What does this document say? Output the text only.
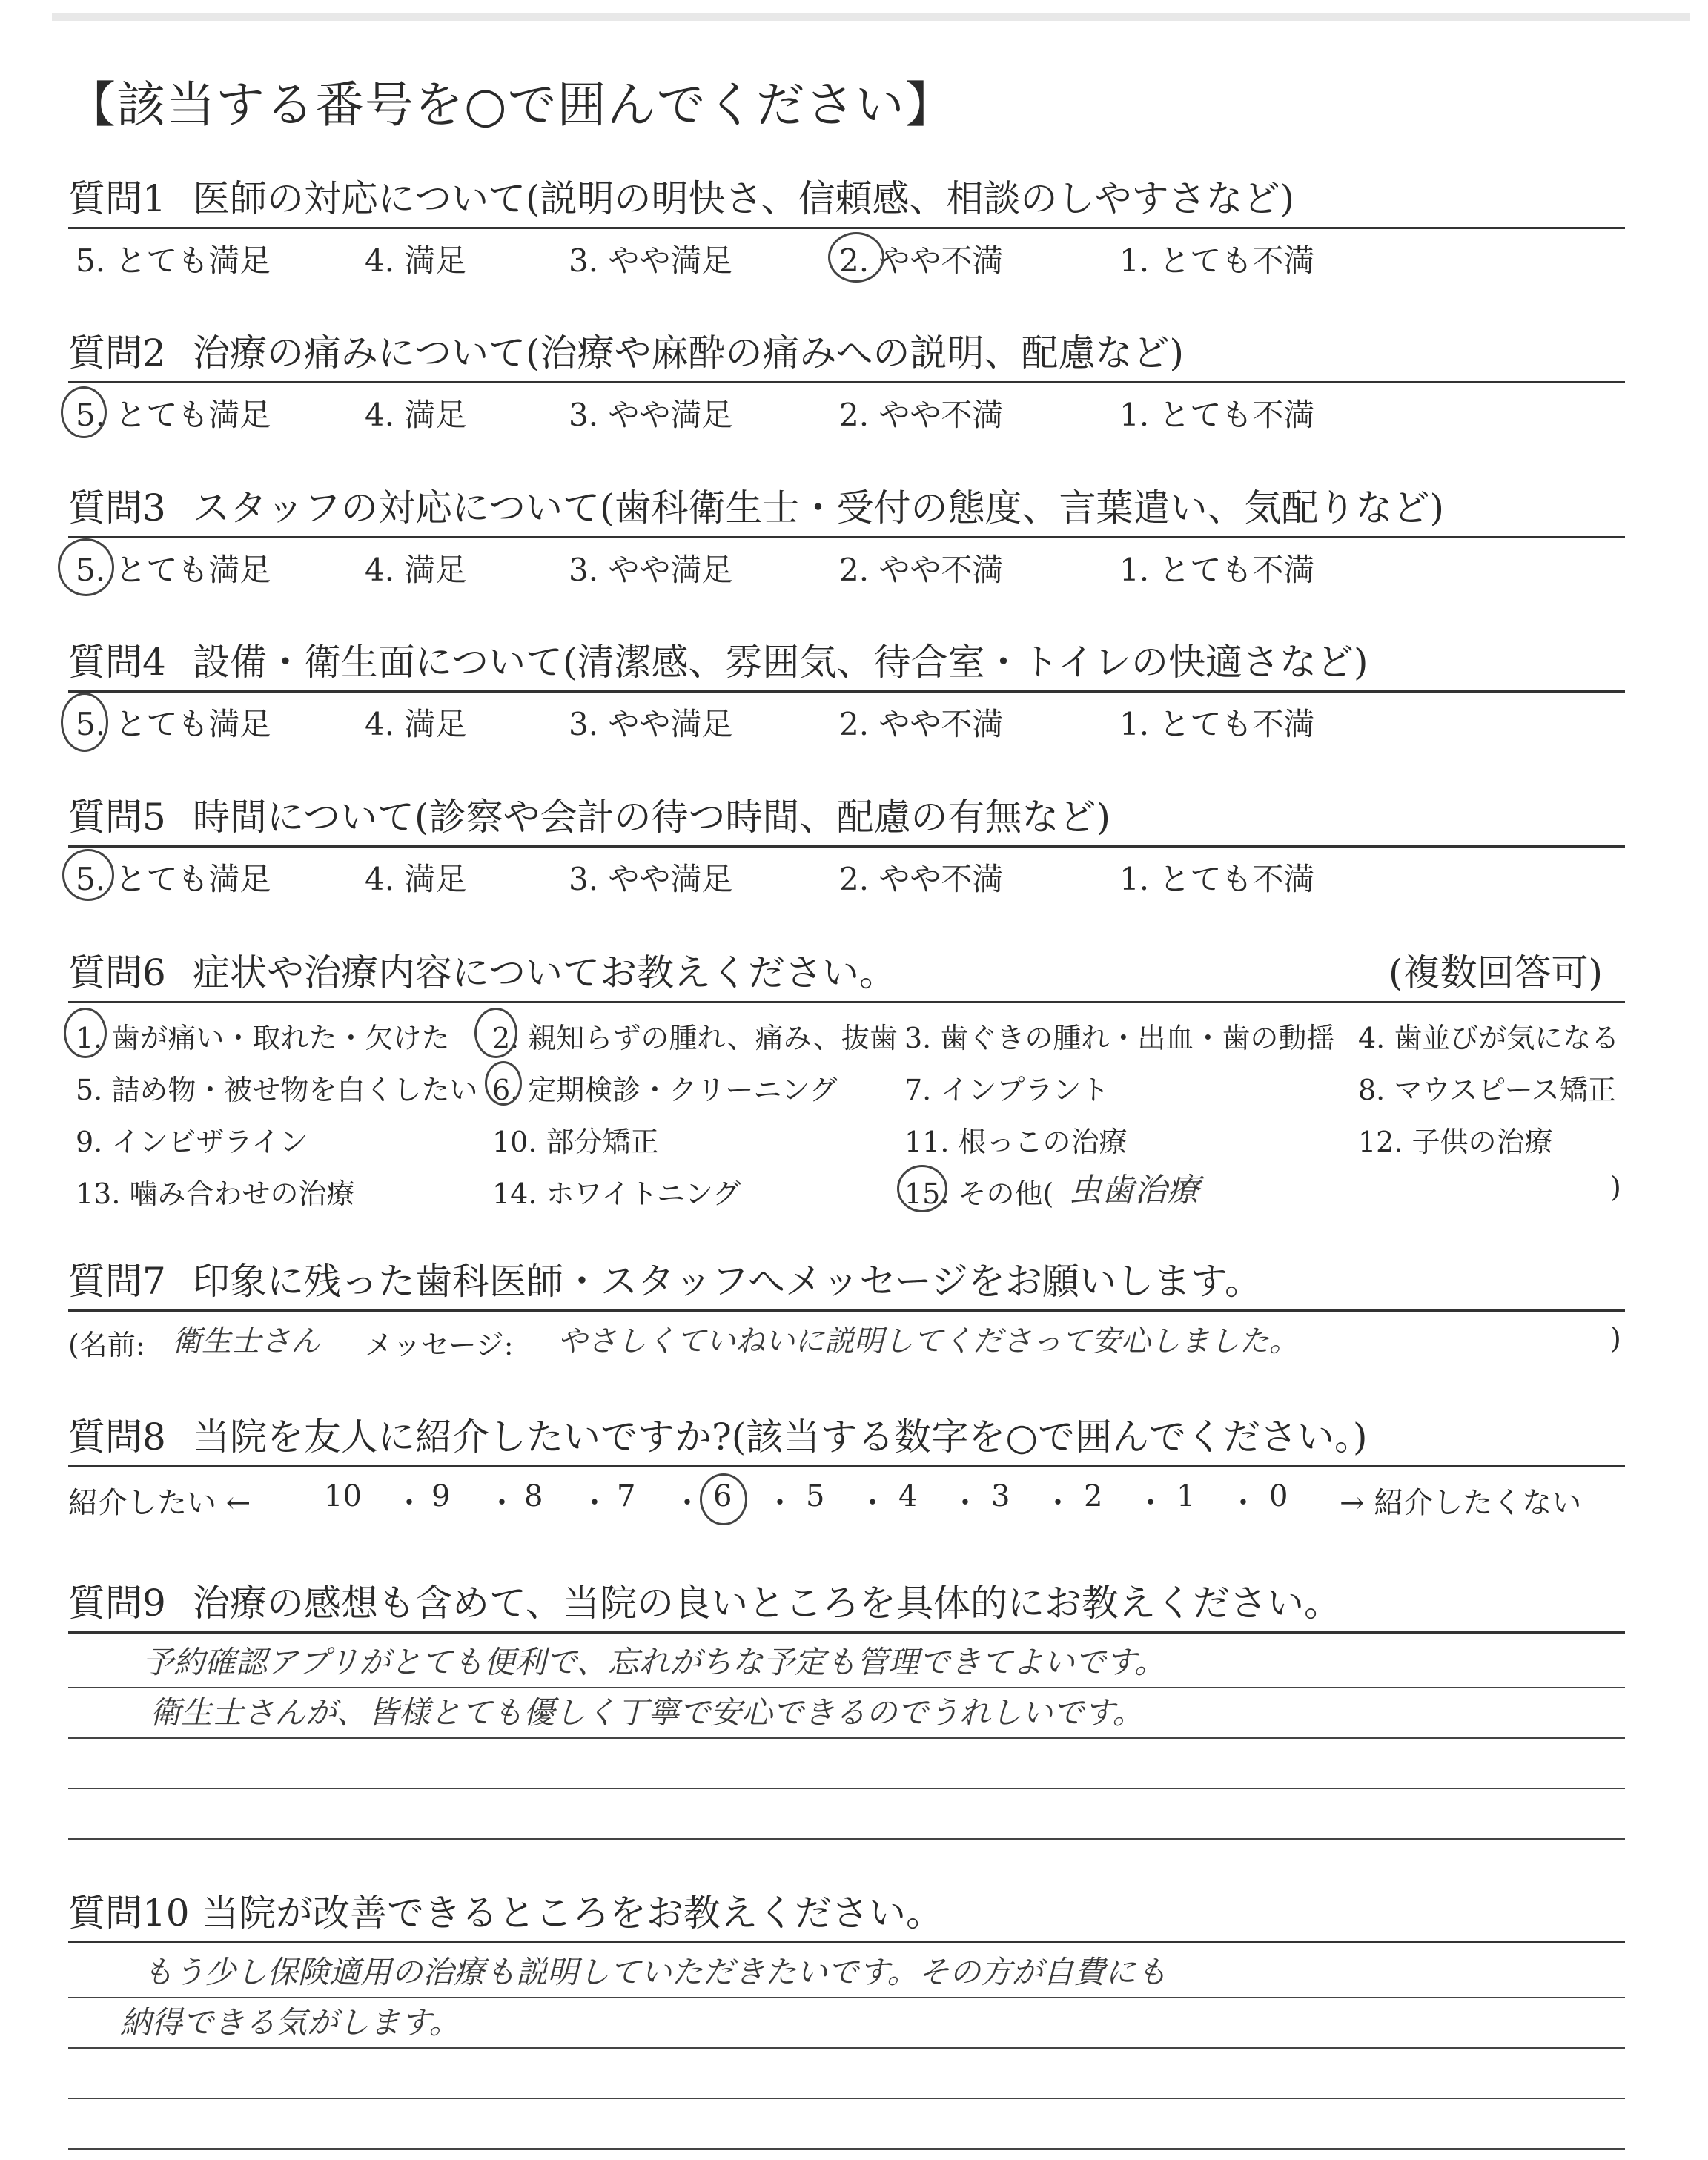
【該当する番号を○で囲んでください】
質問1 医師の対応について(説明の明快さ、信頼感、相談のしやすさなど)
5. とても満足	4. 満足	3. やや満足	2. やや不満	1. とても不満
質問2 治療の痛みについて(治療や麻酔の痛みへの説明、配慮など)
5. とても満足	4. 満足	3. やや満足	2. やや不満	1. とても不満
質問3 スタッフの対応について(歯科衛生士・受付の態度、言葉遣い、気配りなど)
5. とても満足	4. 満足	3. やや満足	2. やや不満	1. とても不満
質問4 設備・衛生面について(清潔感、雰囲気、待合室・トイレの快適さなど)
5. とても満足	4. 満足	3. やや満足	2. やや不満	1. とても不満
質問5 時間について(診察や会計の待つ時間、配慮の有無など)
5. とても満足	4. 満足	3. やや満足	2. やや不満	1. とても不満
質問6 症状や治療内容についてお教えください。	(複数回答可)
1. 歯が痛い・取れた・欠けた 2. 親知らずの腫れ、痛み、抜歯 3. 歯ぐきの腫れ・出血・歯の動揺 4. 歯並びが気になる
5. 詰め物・被せ物を白くしたい 6. 定期検診・クリーニング 7. インプラント	8. マウスピース矯正
9. インビザライン	10. 部分矯正	11. 根っこの治療	12. 子供の治療
13. 噛み合わせの治療	14. ホワイトニング	15. その他( 虫歯治療	)
質問7 印象に残った歯科医師・スタッフへメッセージをお願いします。
(名前: 衛生士さん メッセージ: やさしくていねいに説明してくださって安心しました。	)
質問8 当院を友人に紹介したいですか?(該当する数字を○で囲んでください。)
紹介したい ← 10 ・ 9 ・ 8 ・ 7 ・ 6 ・ 5 ・ 4 ・ 3 ・ 2 ・ 1 ・ 0 → 紹介したくない
質問9 治療の感想も含めて、当院の良いところを具体的にお教えください。
予約確認アプリがとても便利で、忘れがちな予定も管理できてよいです。
衛生士さんが、皆様とても優しく丁寧で安心できるのでうれしいです。
質問10 当院が改善できるところをお教えください。
もう少し保険適用の治療も説明していただきたいです。その方が自費にも
納得できる気がします。
